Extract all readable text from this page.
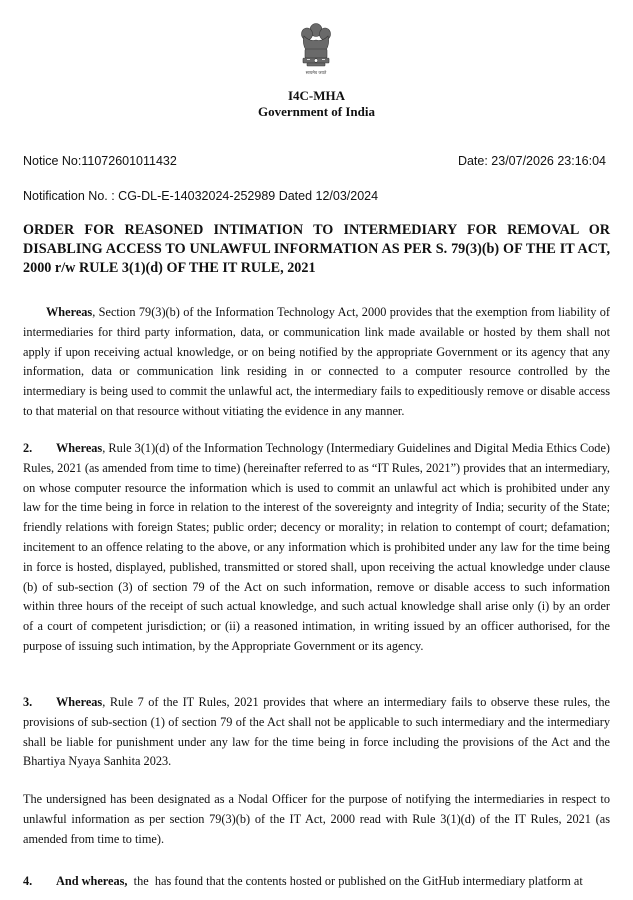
सत्यमेव जयते
I4C-MHA
Government of India
Notice No:11072601011432	Date: 23/07/2026 23:16:04
Notification No. : CG-DL-E-14032024-252989 Dated 12/03/2024
ORDER FOR REASONED INTIMATION TO INTERMEDIARY FOR REMOVAL OR DISABLING ACCESS TO UNLAWFUL INFORMATION AS PER S. 79(3)(b) OF THE IT ACT, 2000 r/w RULE 3(1)(d) OF THE IT RULE, 2021
Whereas, Section 79(3)(b) of the Information Technology Act, 2000 provides that the exemption from liability of intermediaries for third party information, data, or communication link made available or hosted by them shall not apply if upon receiving actual knowledge, or on being notified by the appropriate Government or its agency that any information, data or communication link residing in or connected to a computer resource controlled by the intermediary is being used to commit the unlawful act, the intermediary fails to expeditiously remove or disable access to that material on that resource without vitiating the evidence in any manner.
2. Whereas, Rule 3(1)(d) of the Information Technology (Intermediary Guidelines and Digital Media Ethics Code) Rules, 2021 (as amended from time to time) (hereinafter referred to as “IT Rules, 2021”) provides that an intermediary, on whose computer resource the information which is used to commit an unlawful act which is prohibited under any law for the time being in force in relation to the interest of the sovereignty and integrity of India; security of the State; friendly relations with foreign States; public order; decency or morality; in relation to contempt of court; defamation; incitement to an offence relating to the above, or any information which is prohibited under any law for the time being in force is hosted, displayed, published, transmitted or stored shall, upon receiving the actual knowledge under clause (b) of sub-section (3) of section 79 of the Act on such information, remove or disable access to such information within three hours of the receipt of such actual knowledge, and such actual knowledge shall arise only (i) by an order of a court of competent jurisdiction; or (ii) a reasoned intimation, in writing issued by an officer authorised, for the purpose of issuing such intimation, by the Appropriate Government or its agency.
3. Whereas, Rule 7 of the IT Rules, 2021 provides that where an intermediary fails to observe these rules, the provisions of sub-section (1) of section 79 of the Act shall not be applicable to such intermediary and the intermediary shall be liable for punishment under any law for the time being in force including the provisions of the Act and the Bhartiya Nyaya Sanhita 2023.
The undersigned has been designated as a Nodal Officer for the purpose of notifying the intermediaries in respect to unlawful information as per section 79(3)(b) of the IT Act, 2000 read with Rule 3(1)(d) of the IT Rules, 2021 (as amended from time to time).
4. And whereas,  the  has found that the contents hosted or published on the GitHub intermediary platform at
